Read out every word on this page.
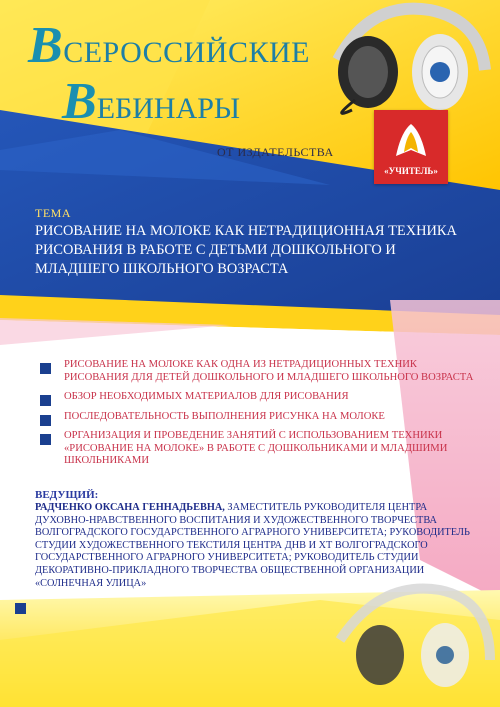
ВСЕРОССИЙСКИЕ
ВЕБИНАРЫ
ОТ ИЗДАТЕЛЬСТВА
«УЧИТЕЛЬ»
ТЕМА
РИСОВАНИЕ НА МОЛОКЕ КАК НЕТРАДИЦИОННАЯ ТЕХНИКА РИСОВАНИЯ В РАБОТЕ С ДЕТЬМИ ДОШКОЛЬНОГО И МЛАДШЕГО ШКОЛЬНОГО ВОЗРАСТА
РИСОВАНИЕ НА МОЛОКЕ КАК ОДНА ИЗ НЕТРАДИЦИОННЫХ ТЕХНИК РИСОВАНИЯ ДЛЯ ДЕТЕЙ ДОШКОЛЬНОГО И МЛАДШЕГО ШКОЛЬНОГО ВОЗРАСТА
ОБЗОР НЕОБХОДИМЫХ МАТЕРИАЛОВ ДЛЯ РИСОВАНИЯ
ПОСЛЕДОВАТЕЛЬНОСТЬ ВЫПОЛНЕНИЯ РИСУНКА НА МОЛОКЕ
ОРГАНИЗАЦИЯ И ПРОВЕДЕНИЕ ЗАНЯТИЙ С ИСПОЛЬЗОВАНИЕМ ТЕХНИКИ «РИСОВАНИЕ НА МОЛОКЕ» В РАБОТЕ С ДОШКОЛЬНИКАМИ И МЛАДШИМИ ШКОЛЬНИКАМИ
ВЕДУЩИЙ:
РАДЧЕНКО ОКСАНА ГЕННАДЬЕВНА, ЗАМЕСТИТЕЛЬ РУКОВОДИТЕЛЯ ЦЕНТРА ДУХОВНО-НРАВСТВЕННОГО ВОСПИТАНИЯ И ХУДОЖЕСТВЕННОГО ТВОРЧЕСТВА ВОЛГОГРАДСКОГО ГОСУДАРСТВЕННОГО АГРАРНОГО УНИВЕРСИТЕТА; РУКОВОДИТЕЛЬ СТУДИИ ХУДОЖЕСТВЕННОГО ТЕКСТИЛЯ ЦЕНТРА ДНВ И ХТ ВОЛГОГРАДСКОГО ГОСУДАРСТВЕННОГО АГРАРНОГО УНИВЕРСИТЕТА; РУКОВОДИТЕЛЬ СТУДИИ ДЕКОРАТИВНО-ПРИКЛАДНОГО ТВОРЧЕСТВА ОБЩЕСТВЕННОЙ ОРГАНИЗАЦИИ «СОЛНЕЧНАЯ УЛИЦА»
